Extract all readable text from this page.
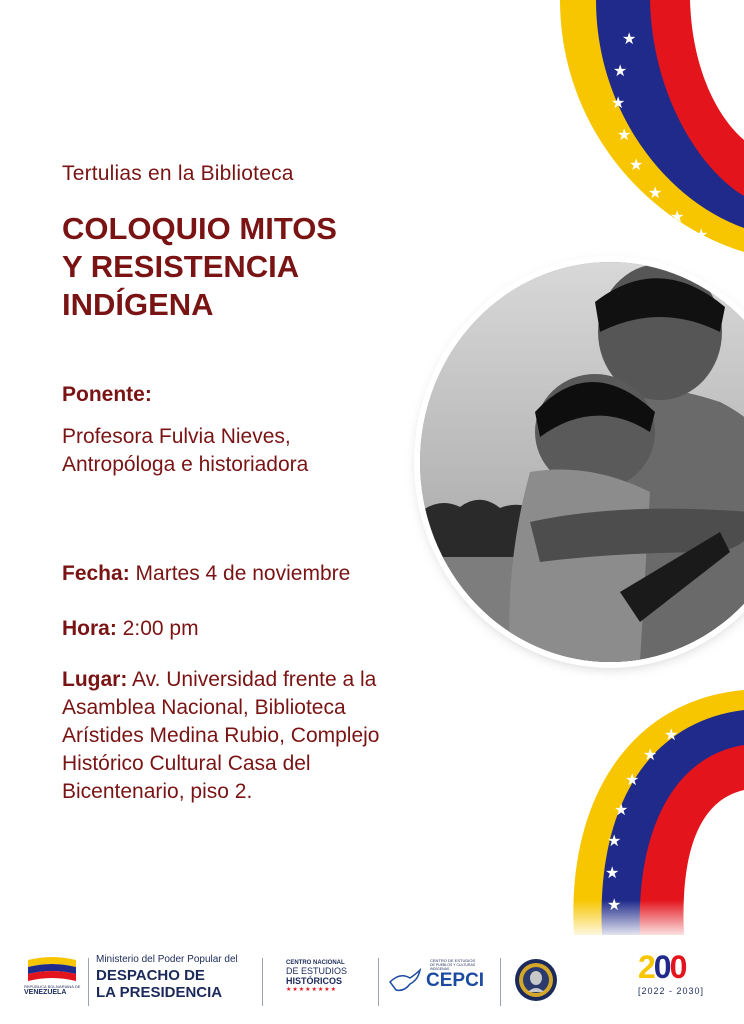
★
★
★
★
★
★
★
★
★
★
★
★
★
★
Tertulias en la Biblioteca
COLOQUIO MITOS
Y RESISTENCIA
INDÍGENA
Ponente:
Profesora Fulvia Nieves,
Antropóloga e historiadora
Fecha: Martes 4 de noviembre
Hora: 2:00 pm
Lugar: Av. Universidad frente a la
Asamblea Nacional, Biblioteca
Arístides Medina Rubio, Complejo
Histórico Cultural Casa del
Bicentenario, piso 2.
REPÚBLICA BOLIVARIANA DE
VENEZUELA
Ministerio del Poder Popular del
DESPACHO DE
LA PRESIDENCIA
CENTRO NACIONAL
DE ESTUDIOS
HISTÓRICOS
★★★★★★★★
CENTRO DE ESTUDIOS
DE PUEBLOS Y CULTURAS INDÍGENAS
CEPCI	200
[2022 - 2030]
